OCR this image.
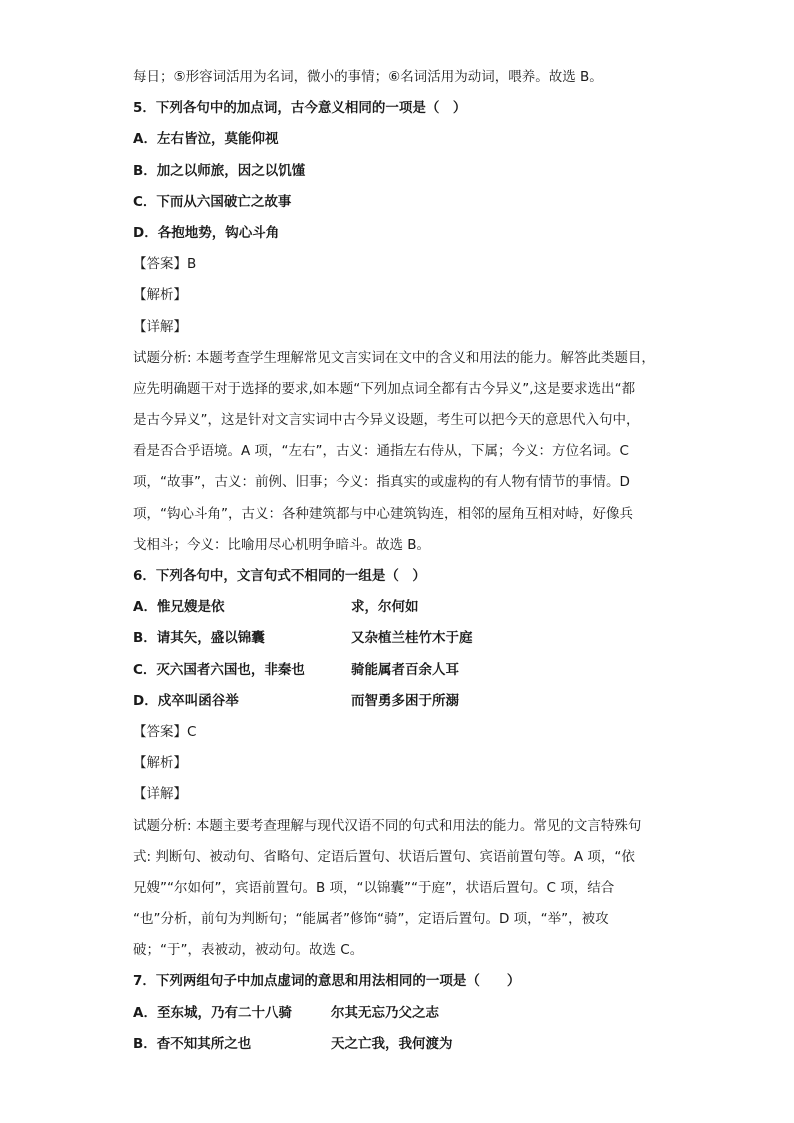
每日；⑤形容词活用为名词，微小的事情；⑥名词活用为动词，喂养。故选 B。
5．下列各句中的加点词，古今意义相同的一项是（　）
A．左右皆泣，莫能仰视
B．加之以师旅，因之以饥馑
C．下而从六国破亡之故事
D．各抱地势，钩心斗角
【答案】B
【解析】
【详解】
试题分析: 本题考查学生理解常见文言实词在文中的含义和用法的能力。解答此类题目，
应先明确题干对于选择的要求,如本题“下列加点词全都有古今异义”,这是要求选出“都
是古今异义”，这是针对文言实词中古今异义设题，考生可以把今天的意思代入句中，
看是否合乎语境。A 项，“左右”，古义：通指左右侍从，下属；今义：方位名词。C
项，“故事”，古义：前例、旧事；今义：指真实的或虚构的有人物有情节的事情。D
项，“钩心斗角”，古义：各种建筑都与中心建筑钩连，相邻的屋角互相对峙，好像兵
戈相斗；今义：比喻用尽心机明争暗斗。故选 B。
6．下列各句中，文言句式不相同的一组是（　）
A．惟兄嫂是依	求，尔何如
B．请其矢，盛以锦囊	又杂植兰桂竹木于庭
C．灭六国者六国也，非秦也	骑能属者百余人耳
D．戍卒叫函谷举	而智勇多困于所溺
【答案】C
【解析】
【详解】
试题分析: 本题主要考查理解与现代汉语不同的句式和用法的能力。常见的文言特殊句
式: 判断句、被动句、省略句、定语后置句、状语后置句、宾语前置句等。A 项，“依
兄嫂”“尔如何”，宾语前置句。B 项，“以锦囊”“于庭”，状语后置句。C 项，结合
“也”分析，前句为判断句；“能属者”修饰“骑”，定语后置句。D 项，“举”，被攻
破；“于”，表被动，被动句。故选 C。
7．下列两组句子中加点虚词的意思和用法相同的一项是（　　）
A．至东城，乃有二十八骑	尔其无忘乃父之志
B．杳不知其所之也	天之亡我，我何渡为
